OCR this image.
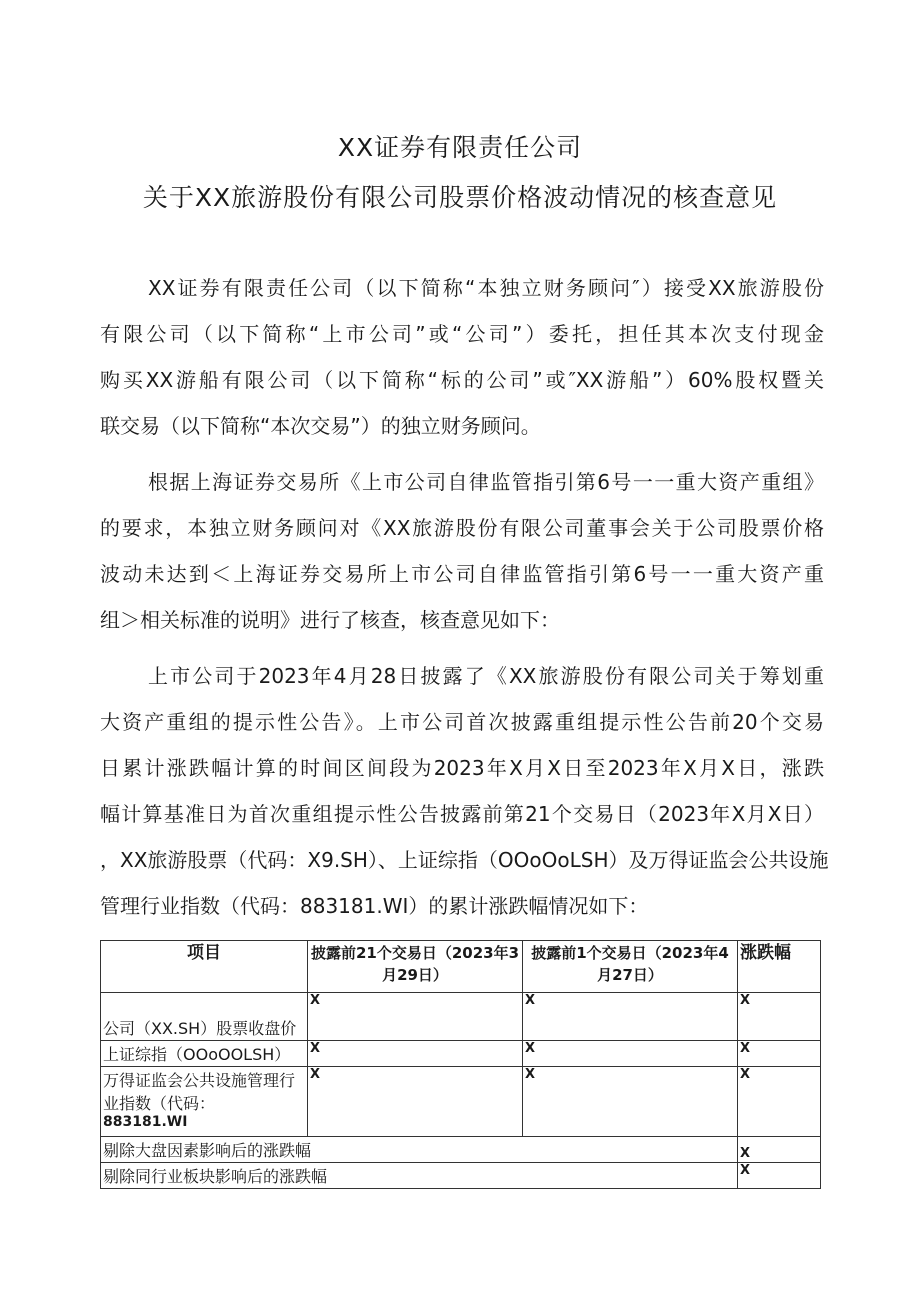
XX证券有限责任公司
关于XX旅游股份有限公司股票价格波动情况的核查意见
XX证券有限责任公司（以下简称“本独立财务顾问″）接受XX旅游股份
有限公司（以下简称“上市公司”或“公司”）委托，担任其本次支付现金
购买XX游船有限公司（以下简称“标的公司”或″XX游船”）60%股权暨关
联交易（以下简称“本次交易”）的独立财务顾问。
根据上海证券交易所《上市公司自律监管指引第6号一一重大资产重组》
的要求，本独立财务顾问对《XX旅游股份有限公司董事会关于公司股票价格
波动未达到＜上海证券交易所上市公司自律监管指引第6号一一重大资产重
组＞相关标准的说明》进行了核查，核查意见如下：
上市公司于2023年4月28日披露了《XX旅游股份有限公司关于筹划重
大资产重组的提示性公告》。上市公司首次披露重组提示性公告前20个交易
日累计涨跌幅计算的时间区间段为2023年X月X日至2023年X月X日，涨跌
幅计算基准日为首次重组提示性公告披露前第21个交易日（2023年X月X日）
，XX旅游股票（代码：X9.SH）、上证综指（OOoOoLSH）及万得证监会公共设施
管理行业指数（代码：883181.WI）的累计涨跌幅情况如下：
项目	披露前21个交易日（2023年3月29日）	披露前1个交易日（2023年4月27日）	涨跌幅
公司（XX.SH）股票收盘价	X	X	X
上证综指（OOoOOLSH）	X	X	X

万得证监会公共设施管理行业指数（代码：
883181.WI	X	X	X
剔除大盘因素影响后的涨跌幅			X
剔除同行业板块影响后的涨跌幅			X
